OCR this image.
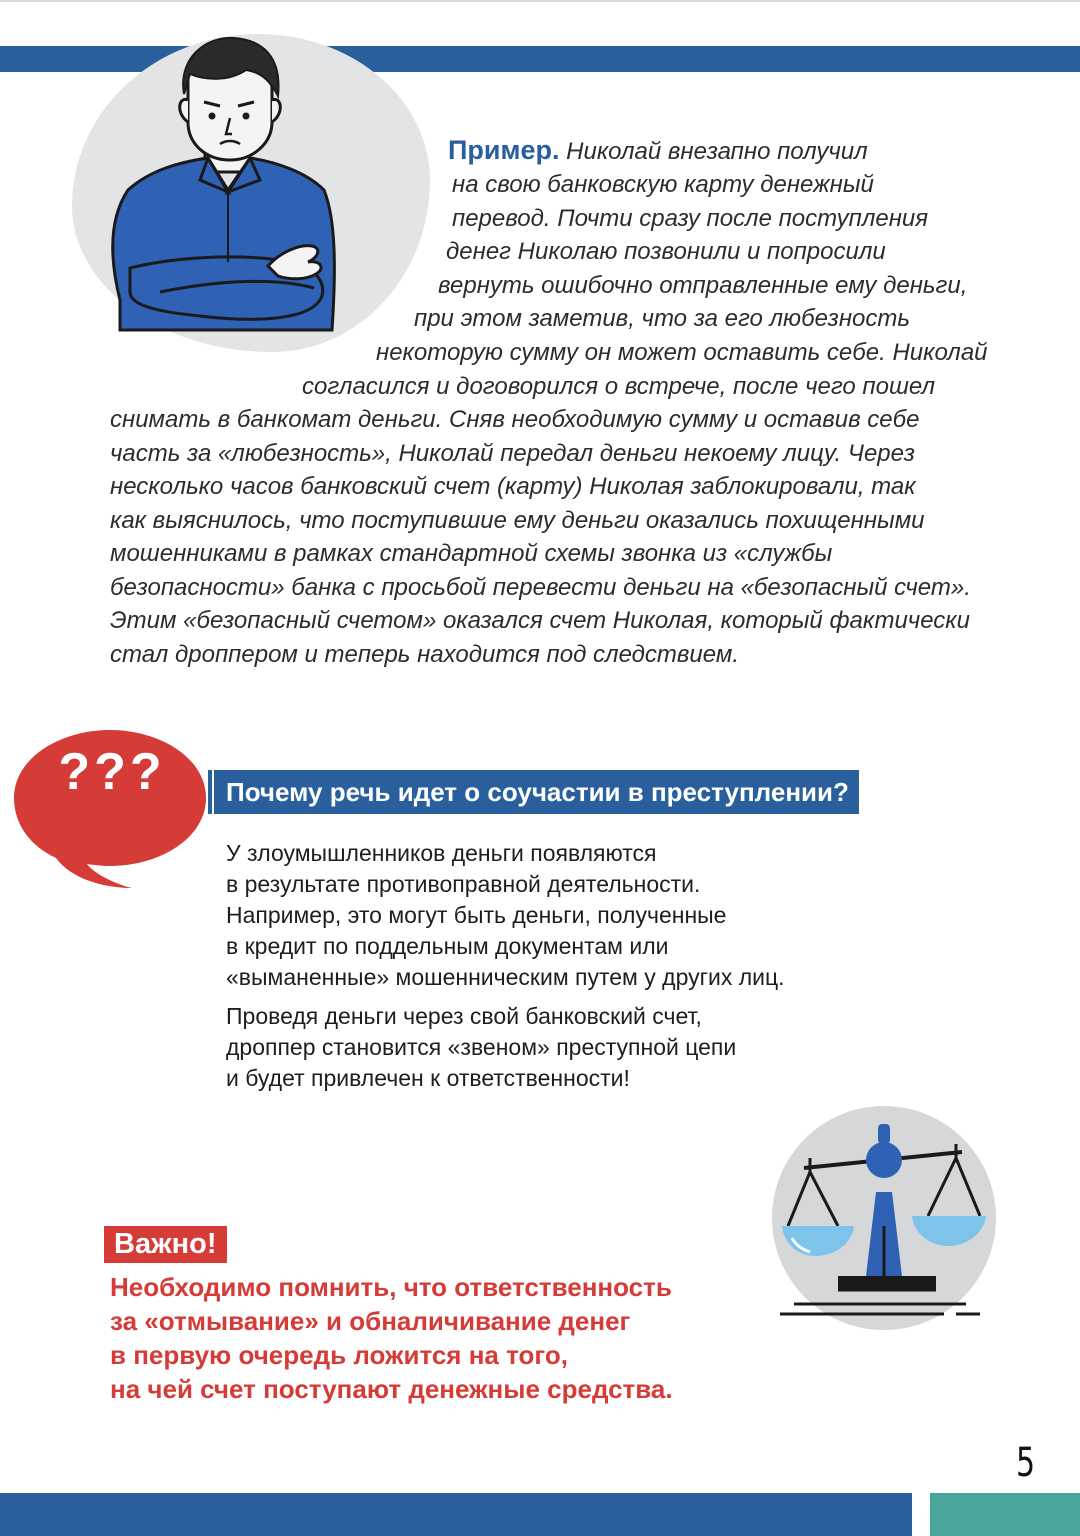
Пример. Николай внезапно получил
на свою банковскую карту денежный
перевод. Почти сразу после поступления
денег Николаю позвонили и попросили
вернуть ошибочно отправленные ему деньги,
при этом заметив, что за его любезность
некоторую сумму он может оставить себе. Николай
согласился и договорился о встрече, после чего пошел
снимать в банкомат деньги. Сняв необходимую сумму и оставив себе
часть за «любезность», Николай передал деньги некоему лицу. Через
несколько часов банковский счет (карту) Николая заблокировали, так
как выяснилось, что поступившие ему деньги оказались похищенными
мошенниками в рамках стандартной схемы звонка из «службы
безопасности» банка с просьбой перевести деньги на «безопасный счет».
Этим «безопасный счетом» оказался счет Николая, который фактически
стал дроппером и теперь находится под следствием.
???	Почему речь идет о соучастии в преступлении?

У злоумышленников деньги появляются
в результате противоправной деятельности.
Например, это могут быть деньги, полученные
в кредит по поддельным документам или
«выманенные» мошенническим путем у других лиц.

Проведя деньги через свой банковский счет,
дроппер становится «звеном» преступной цепи
и будет привлечен к ответственности!

Важно!
Необходимо помнить, что ответственность
за «отмывание» и обналичивание денег
в первую очередь ложится на того,
на чей счет поступают денежные средства.
5
